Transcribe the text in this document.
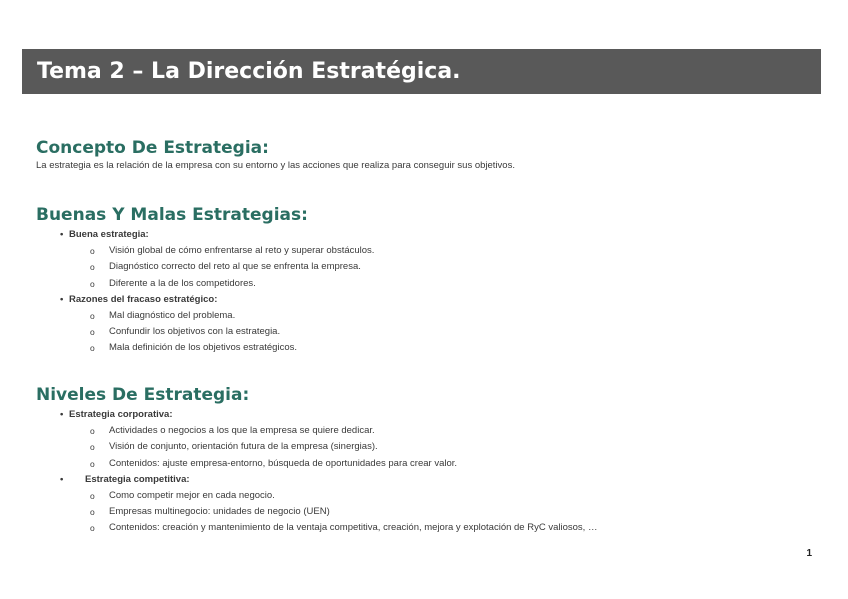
Tema 2 – La Dirección Estratégica.
Concepto De Estrategia:

La estrategia es la relación de la empresa con su entorno y las acciones que realiza para conseguir sus objetivos.

Buenas Y Malas Estrategias:
• Buena estrategia:
o Visión global de cómo enfrentarse al reto y superar obstáculos.
o Diagnóstico correcto del reto al que se enfrenta la empresa.
o Diferente a la de los competidores.
• Razones del fracaso estratégico:
o Mal diagnóstico del problema.
o Confundir los objetivos con la estrategia.
o Mala definición de los objetivos estratégicos.
Niveles De Estrategia:
• Estrategia corporativa:
o Actividades o negocios a los que la empresa se quiere dedicar.
o Visión de conjunto, orientación futura de la empresa (sinergias).
o Contenidos: ajuste empresa-entorno, búsqueda de oportunidades para crear valor.
• Estrategia competitiva:
o Como competir mejor en cada negocio.
o Empresas multinegocio: unidades de negocio (UEN)
o Contenidos: creación y mantenimiento de la ventaja competitiva, creación, mejora y explotación de RyC valiosos, …
1
